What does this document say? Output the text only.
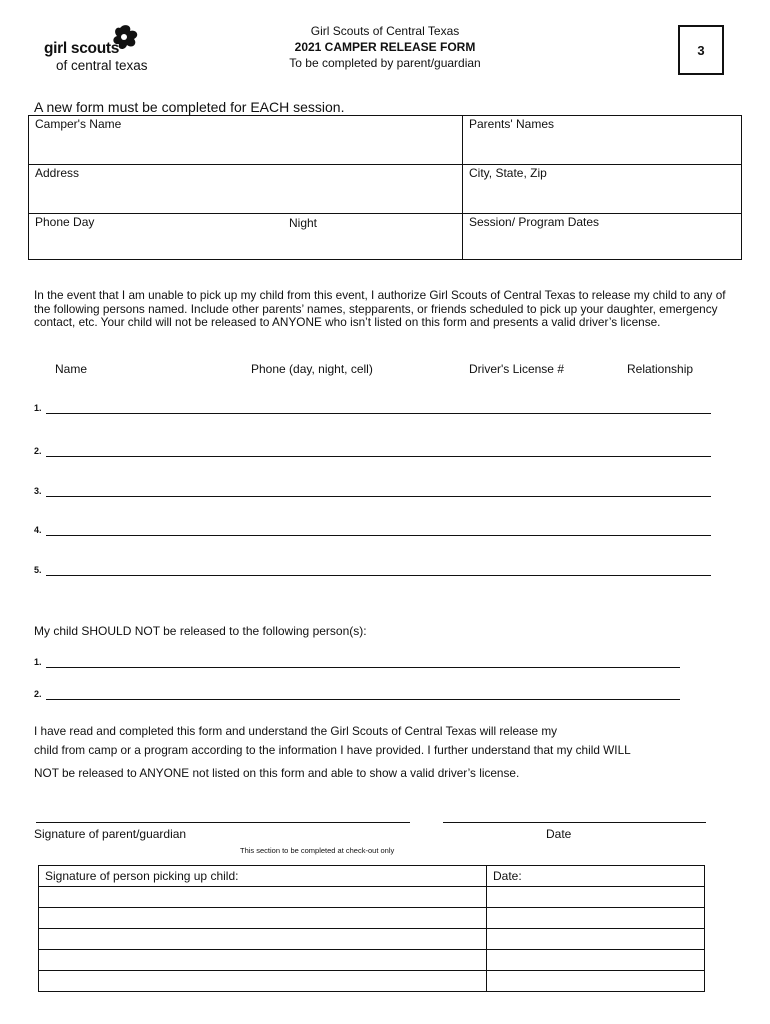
girl scouts
of central texas
Girl Scouts of Central Texas
2021 CAMPER RELEASE FORM
To be completed by parent/guardian
3
A new form must be completed for EACH session.
Camper's Name	Parents' Names
Address	City, State, Zip
Phone Day Night	Session/ Program Dates
In the event that I am unable to pick up my child from this event, I authorize Girl Scouts of Central Texas to release my child to any of the following persons named. Include other parents’ names, stepparents, or friends scheduled to pick up your daughter, emergency contact, etc. Your child will not be released to ANYONE who isn’t listed on this form and presents a valid driver’s license.
Name	Phone (day, night, cell)	Driver's License #	Relationship
1.
2.
3.
4.
5.
My child SHOULD NOT be released to the following person(s):
1.
2.
I have read and completed this form and understand the Girl Scouts of Central Texas will release my
child from camp or a program according to the information I have provided. I further understand that my child WILL
NOT be released to ANYONE not listed on this form and able to show a valid driver’s license.
Signature of parent/guardian	Date
This section to be completed at check-out only
Signature of person picking up child:	Date:
